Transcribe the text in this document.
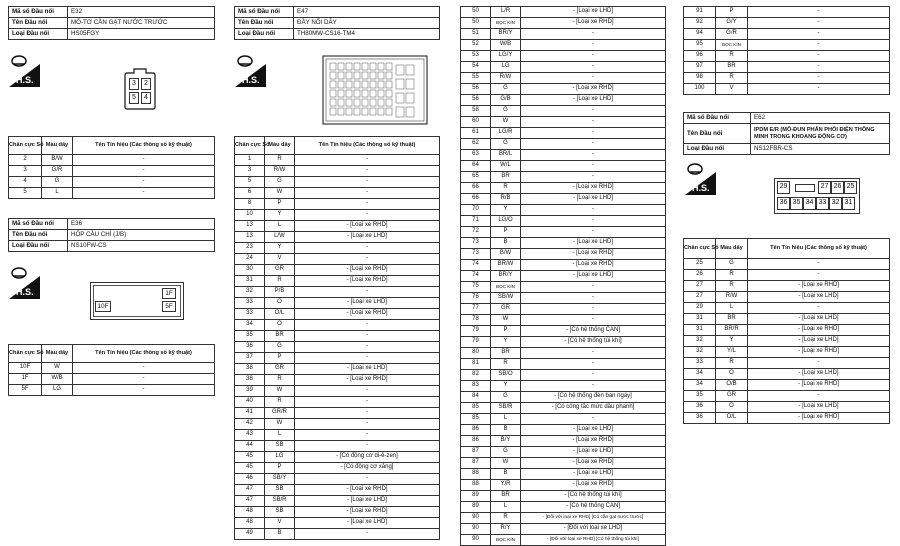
Mã số Đầu nối	E32
Tên Đầu nối	MÔ-TƠ CẦN GẠT NƯỚC TRƯỚC
Loại Đầu nối	HS05FGY
H.S.	3	2
5	4
Chân cực Số	Màu dây	Tên Tín hiệu (Các thông số kỹ thuật)
2	B/W	-
3	G/R	-
4	G	-
5	L	-
Mã số Đầu nối	E36
Tên Đầu nối	HỘP CẦU CHÌ (J/B)
Loại Đầu nối	NS10FW-CS
H.S.	1F
10F	5F
Chân cực Số	Màu dây	Tên Tín hiệu (Các thông số kỹ thuật)
10F	W	-
1F	W/B	-
5F	LG	-
Mã số Đầu nối	E47
Tên Đầu nối	ĐẦY NỐI DÂY
Loại Đầu nối	TH80MW-CS16-TM4
H.S.
Chân cực Số	Màu dây	Tên Tín hiệu (Các thông số kỹ thuật)
1	R	-
3	R/W	-
5	G	-
6	W	-
8	P	-
10	Y	-
13	L	- [Loại xe RHD]
13	L/W	- [Loại xe LHD]
23	Y	-
24	V	-
30	GR	- [Loại xe RHD]
31	R	- [Loại xe RHD]
32	P/B	-
33	O	- [Loại xe LHD]
33	O/L	- [Loại xe RHD]
34	O	-
35	BR	-
36	G	-
37	P	-
38	GR	- [Loại xe LHD]
38	R	- [Loại xe RHD]
39	W	-
40	R	-
41	GR/R	-
42	W	-
43	L	-
44	SB	-
45	LG	- [Có động cơ di-ê-zen]
45	P	- [Có động cơ xăng]
46	SB/Y	-
47	SB	- [Loại xe RHD]
47	SB/R	- [Loại xe LHD]
48	SB	- [Loại xe RHD]
48	V	- [Loại xe LHD]
49	B	-
50	L/R	- [Loại xe LHD]
50	BỌC KÍN	- [Loại xe RHD]
51	BR/Y	-
52	W/B	-
53	LG/Y	-
54	LG	-
55	R/W	-
56	G	- [Loại xe RHD]
56	G/B	- [Loại xe LHD]
58	G	-
60	W	-
61	LG/R	-
62	G	-
63	BR/L	-
64	W/L	-
65	BR	-
66	R	- [Loại xe RHD]
66	R/B	- [Loại xe LHD]
70	Y	-
71	LG/O	-
72	P	-
73	B	- [Loại xe LHD]
73	B/W	- [Loại xe RHD]
74	BR/W	- [Loại xe RHD]
74	BR/Y	- [Loại xe LHD]
75	BỌC KÍN	-
76	SB/W	-
77	GR	-
78	W	-
79	P	- [Có hệ thống CAN]
79	Y	- [Có hệ thống túi khí]
80	BR	-
81	R	-
82	SB/O	-
83	Y	-
84	G	- [Có hệ thống đèn ban ngày]
85	SB/R	- [Có công tắc mức dầu phanh]
85	L	-
86	B	- [Loại xe LHD]
86	B/Y	- [Loại xe RHD]
87	G	- [Loại xe LHD]
87	W	- [Loại xe RHD]
88	B	- [Loại xe LHD]
88	Y/R	- [Loại xe RHD]
89	BR	- [Có hệ thống túi khí]
89	L	- [Có hệ thống CAN]
90	R	- [Đối với loại xe RHD] [Có cần gạt nước trước]
90	R/Y	- [Đối với loại xe LHD]
90	BỌC KÍN	- [Đối với loại xe RHD] [Có hệ thống túi khí]
91	P	-
92	G/Y	-
94	G/R	-
95	BỌC KÍN	-
96	R	-
97	BR	-
98	R	-
100	V	-
Mã số Đầu nối	E62
Tên Đầu nối	IPDM E/R (MÔ-ĐUN PHÂN PHỐI ĐIỆN THÔNG MINH TRONG KHOANG ĐỘNG CƠ)
Loại Đầu nối	NS12FBR-CS
H.S.	29	27 26 25
36 35 34 33 32 31
Chân cực Số	Màu dây	Tên Tín hiệu (Các thông số kỹ thuật)
25	G	-
26	R	-
27	R	- [Loại xe RHD]
27	R/W	- [Loại xe LHD]
29	L	-
31	BR	- [Loại xe LHD]
31	BR/R	- [Loại xe RHD]
32	Y	- [Loại xe LHD]
32	Y/L	- [Loại xe RHD]
33	R	-
34	O	- [Loại xe LHD]
34	O/B	- [Loại xe RHD]
35	GR	-
36	O	- [Loại xe LHD]
36	O/L	- [Loại xe RHD]
